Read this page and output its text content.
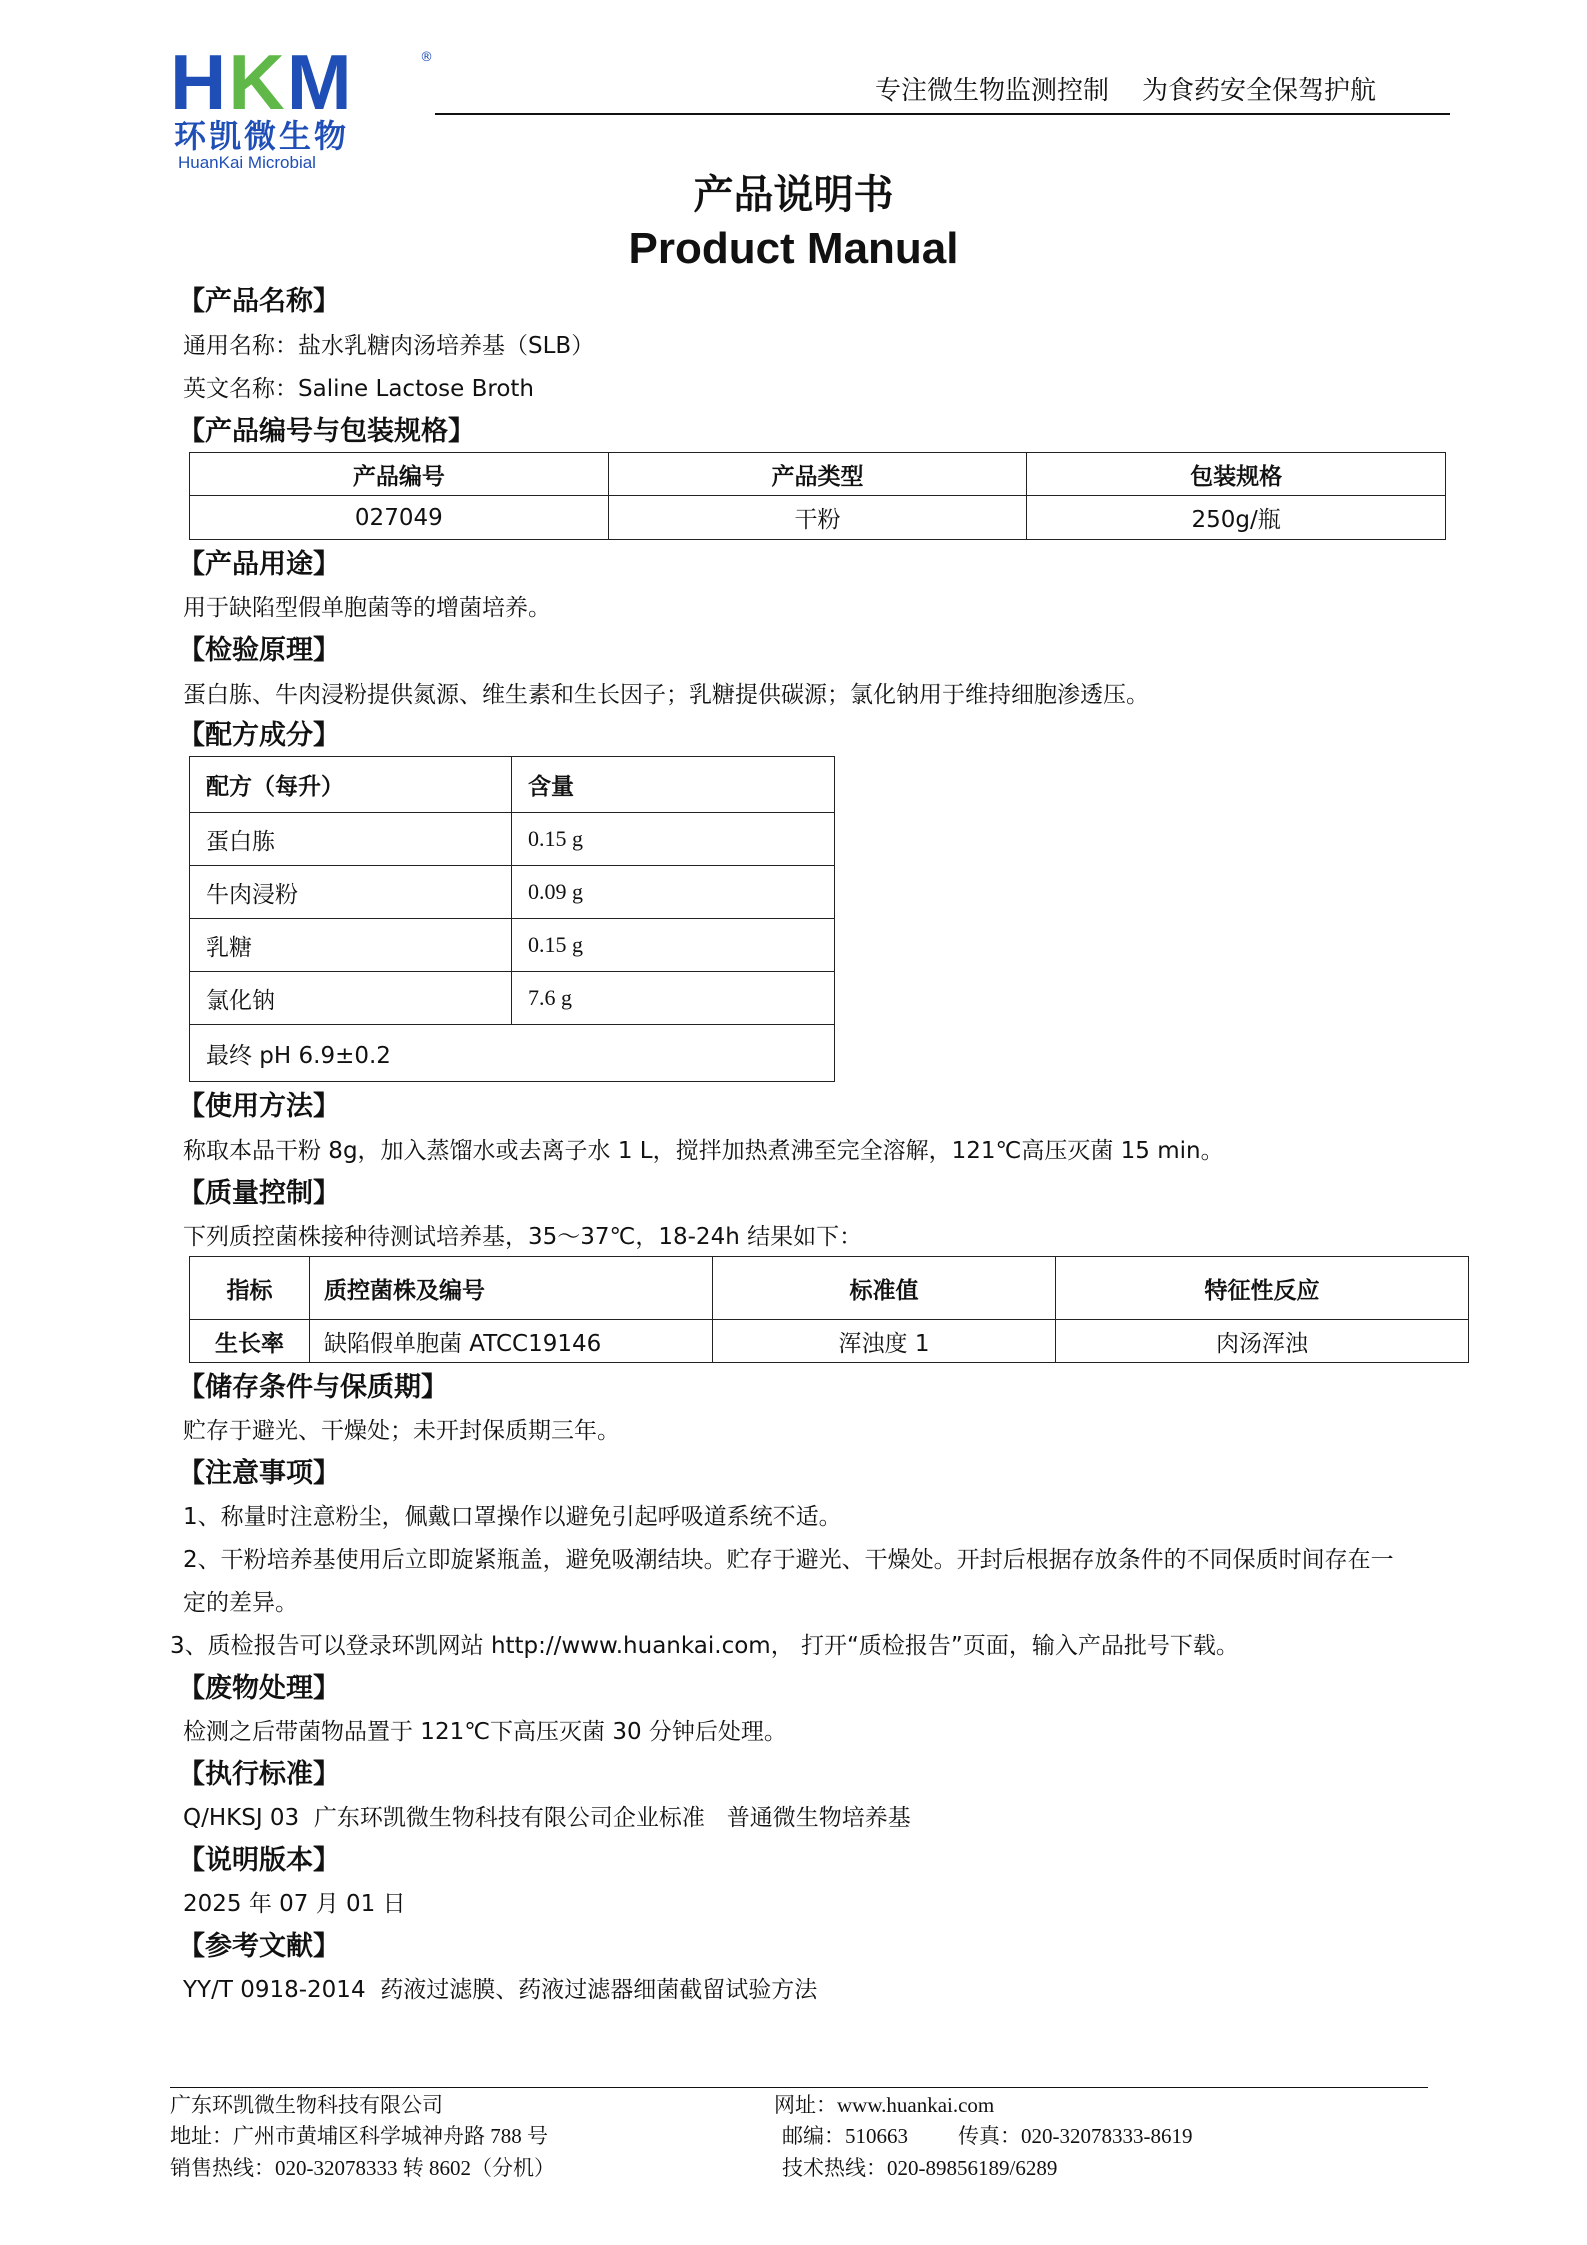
HKM	®
环凯微生物
HuanKai Microbial
专注微生物监测控制    为食药安全保驾护航
产品说明书
Product Manual
【产品名称】
通用名称：盐水乳糖肉汤培养基（SLB）
英文名称：Saline Lactose Broth
【产品编号与包装规格】
产品编号	产品类型	包装规格
027049	干粉	250g/瓶
【产品用途】
用于缺陷型假单胞菌等的增菌培养。
【检验原理】
蛋白胨、牛肉浸粉提供氮源、维生素和生长因子；乳糖提供碳源；氯化钠用于维持细胞渗透压。
【配方成分】
配方（每升）	含量
蛋白胨	0.15 g
牛肉浸粉	0.09 g
乳糖	0.15 g
氯化钠	7.6 g
最终 pH 6.9±0.2	
【使用方法】
称取本品干粉 8g，加入蒸馏水或去离子水 1 L，搅拌加热煮沸至完全溶解，121℃高压灭菌 15 min。
【质量控制】
下列质控菌株接种待测试培养基，35～37℃，18-24h 结果如下：
指标	质控菌株及编号	标准值	特征性反应
生长率	缺陷假单胞菌 ATCC19146	浑浊度 1	肉汤浑浊
【储存条件与保质期】
贮存于避光、干燥处；未开封保质期三年。
【注意事项】
1、称量时注意粉尘，佩戴口罩操作以避免引起呼吸道系统不适。
2、干粉培养基使用后立即旋紧瓶盖，避免吸潮结块。贮存于避光、干燥处。开封后根据存放条件的不同保质时间存在一
定的差异。
3、质检报告可以登录环凯网站 http://www.huankai.com， 打开“质检报告”页面，输入产品批号下载。
【废物处理】
检测之后带菌物品置于 121℃下高压灭菌 30 分钟后处理。
【执行标准】
Q/HKSJ 03  广东环凯微生物科技有限公司企业标准   普通微生物培养基
【说明版本】
2025 年 07 月 01 日
【参考文献】
YY/T 0918-2014  药液过滤膜、药液过滤器细菌截留试验方法
广东环凯微生物科技有限公司
地址：广州市黄埔区科学城神舟路 788 号
销售热线：020-32078333 转 8602（分机）
网址：www.huankai.com
邮编：510663 传真：020-32078333-8619
技术热线：020-89856189/6289
